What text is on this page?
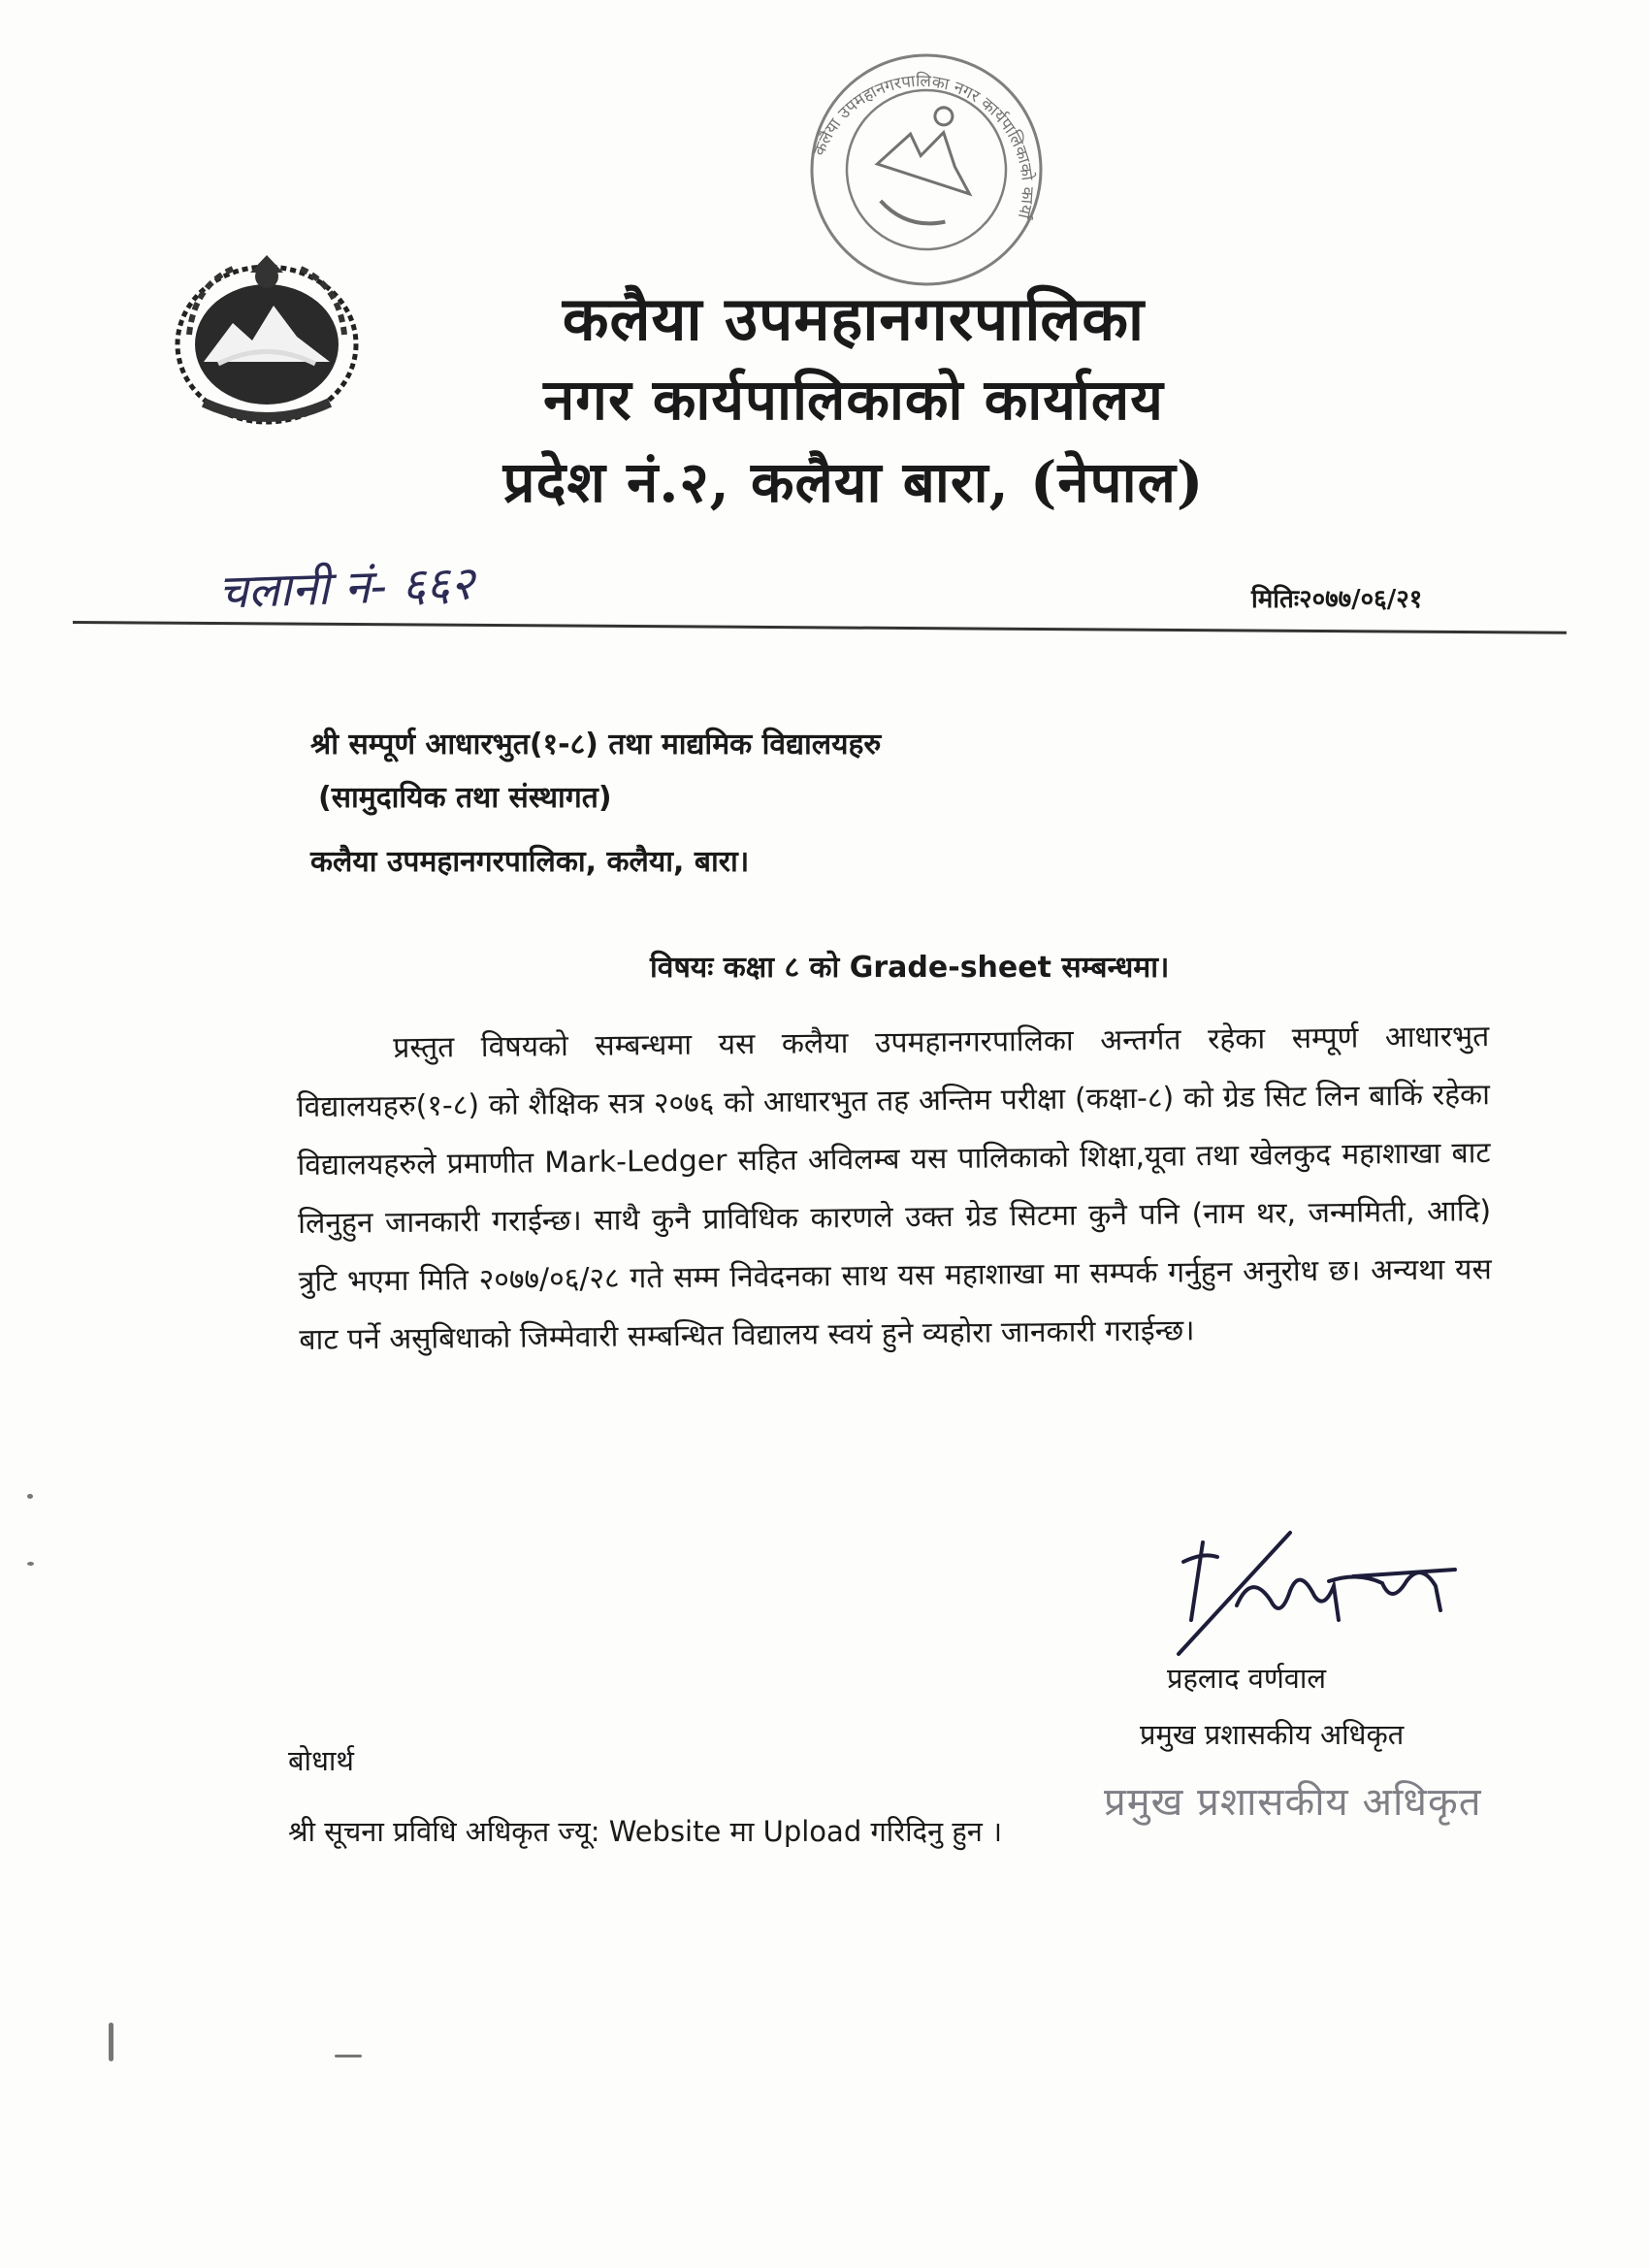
कलैया उपमहानगरपालिका नगर कार्यपालिकाको कार्यालय
कलैया उपमहानगरपालिका
नगर कार्यपालिकाको कार्यालय
प्रदेश नं.२, कलैया बारा, (नेपाल)
चलानी नं- ६६२	मितिः२०७७/०६/२१
श्री सम्पूर्ण आधारभुत(१-८) तथा माद्यमिक विद्यालयहरु
(सामुदायिक तथा संस्थागत)
कलैया उपमहानगरपालिका, कलैया, बारा।
विषयः कक्षा ८ को Grade-sheet सम्बन्धमा।
प्रस्तुत विषयको सम्बन्धमा यस कलैया उपमहानगरपालिका अन्तर्गत रहेका सम्पूर्ण आधारभुत विद्यालयहरु(१-८) को शैक्षिक सत्र २०७६ को आधारभुत तह अन्तिम परीक्षा (कक्षा-८) को ग्रेड सिट लिन बाकिं रहेका विद्यालयहरुले प्रमाणीत Mark-Ledger सहित अविलम्ब यस पालिकाको शिक्षा,यूवा तथा खेलकुद महाशाखा बाट लिनुहुन जानकारी गराईन्छ। साथै कुनै प्राविधिक कारणले उक्त ग्रेड सिटमा कुनै पनि (नाम थर, जन्ममिती, आदि) त्रुटि भएमा मिति २०७७/०६/२८ गते सम्म निवेदनका साथ यस महाशाखा मा सम्पर्क गर्नुहुन अनुरोध छ। अन्यथा यस बाट पर्ने असुबिधाको जिम्मेवारी सम्बन्धित विद्यालय स्वयं हुने व्यहोरा जानकारी गराईन्छ।
प्रहलाद वर्णवाल
प्रमुख प्रशासकीय अधिकृत
प्रमुख प्रशासकीय अधिकृत
बोधार्थ
श्री सूचना प्रविधि अधिकृत ज्यू: Website मा Upload गरिदिनु हुन ।
